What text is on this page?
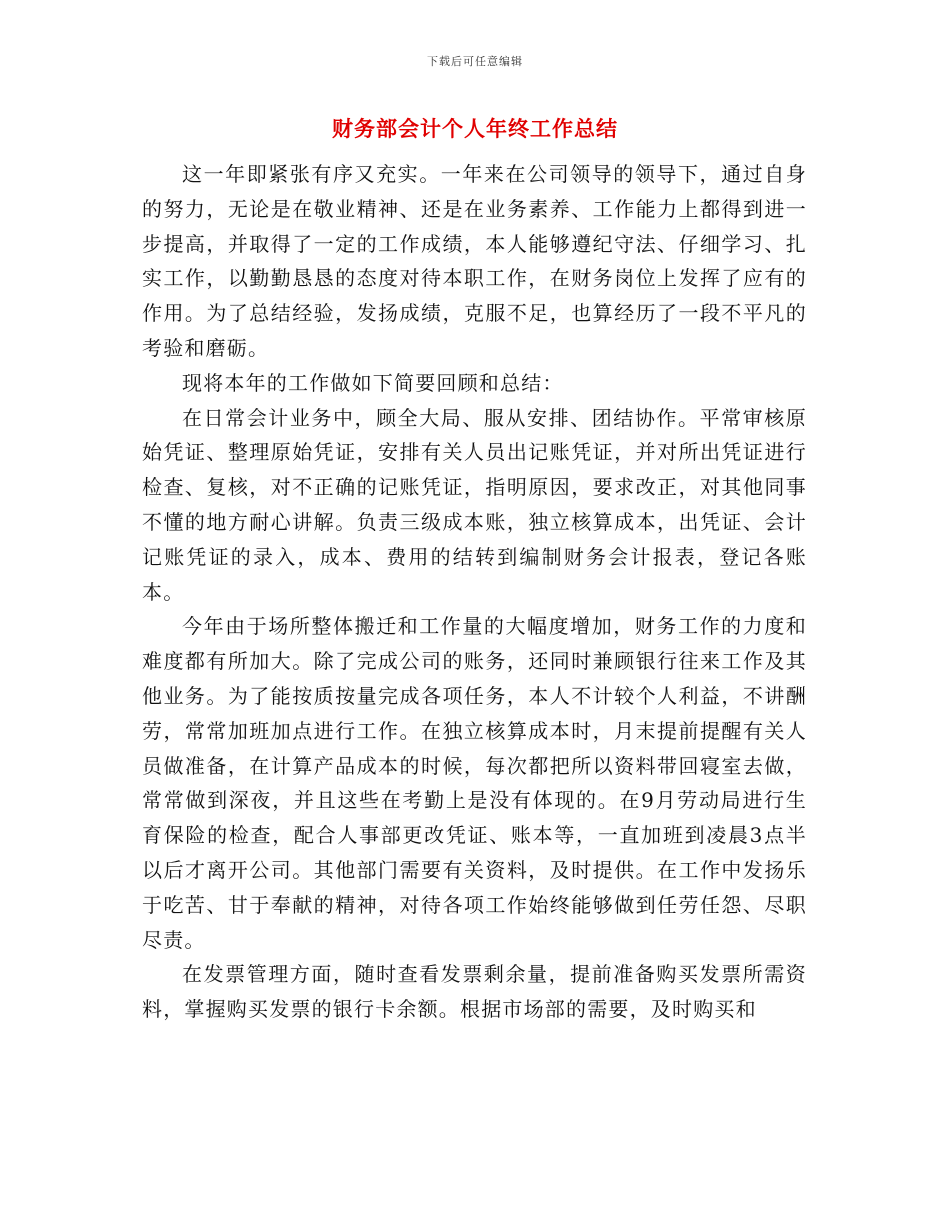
下载后可任意编辑
财务部会计个人年终工作总结

这一年即紧张有序又充实。一年来在公司领导的领导下，通过自身的努力，无论是在敬业精神、还是在业务素养、工作能力上都得到进一步提高，并取得了一定的工作成绩，本人能够遵纪守法、仔细学习、扎实工作，以勤勤恳恳的态度对待本职工作，在财务岗位上发挥了应有的作用。为了总结经验，发扬成绩，克服不足，也算经历了一段不平凡的考验和磨砺。

现将本年的工作做如下简要回顾和总结：

在日常会计业务中，顾全大局、服从安排、团结协作。平常审核原始凭证、整理原始凭证，安排有关人员出记账凭证，并对所出凭证进行检查、复核，对不正确的记账凭证，指明原因，要求改正，对其他同事不懂的地方耐心讲解。负责三级成本账，独立核算成本，出凭证、会计记账凭证的录入，成本、费用的结转到编制财务会计报表，登记各账本。

今年由于场所整体搬迁和工作量的大幅度增加，财务工作的力度和难度都有所加大。除了完成公司的账务，还同时兼顾银行往来工作及其他业务。为了能按质按量完成各项任务，本人不计较个人利益，不讲酬劳，常常加班加点进行工作。在独立核算成本时，月末提前提醒有关人员做准备，在计算产品成本的时候，每次都把所以资料带回寝室去做，常常做到深夜，并且这些在考勤上是没有体现的。在9月劳动局进行生育保险的检查，配合人事部更改凭证、账本等，一直加班到凌晨3点半以后才离开公司。其他部门需要有关资料，及时提供。在工作中发扬乐于吃苦、甘于奉献的精神，对待各项工作始终能够做到任劳任怨、尽职尽责。

在发票管理方面，随时查看发票剩余量，提前准备购买发票所需资料，掌握购买发票的银行卡余额。根据市场部的需要，及时购买和
